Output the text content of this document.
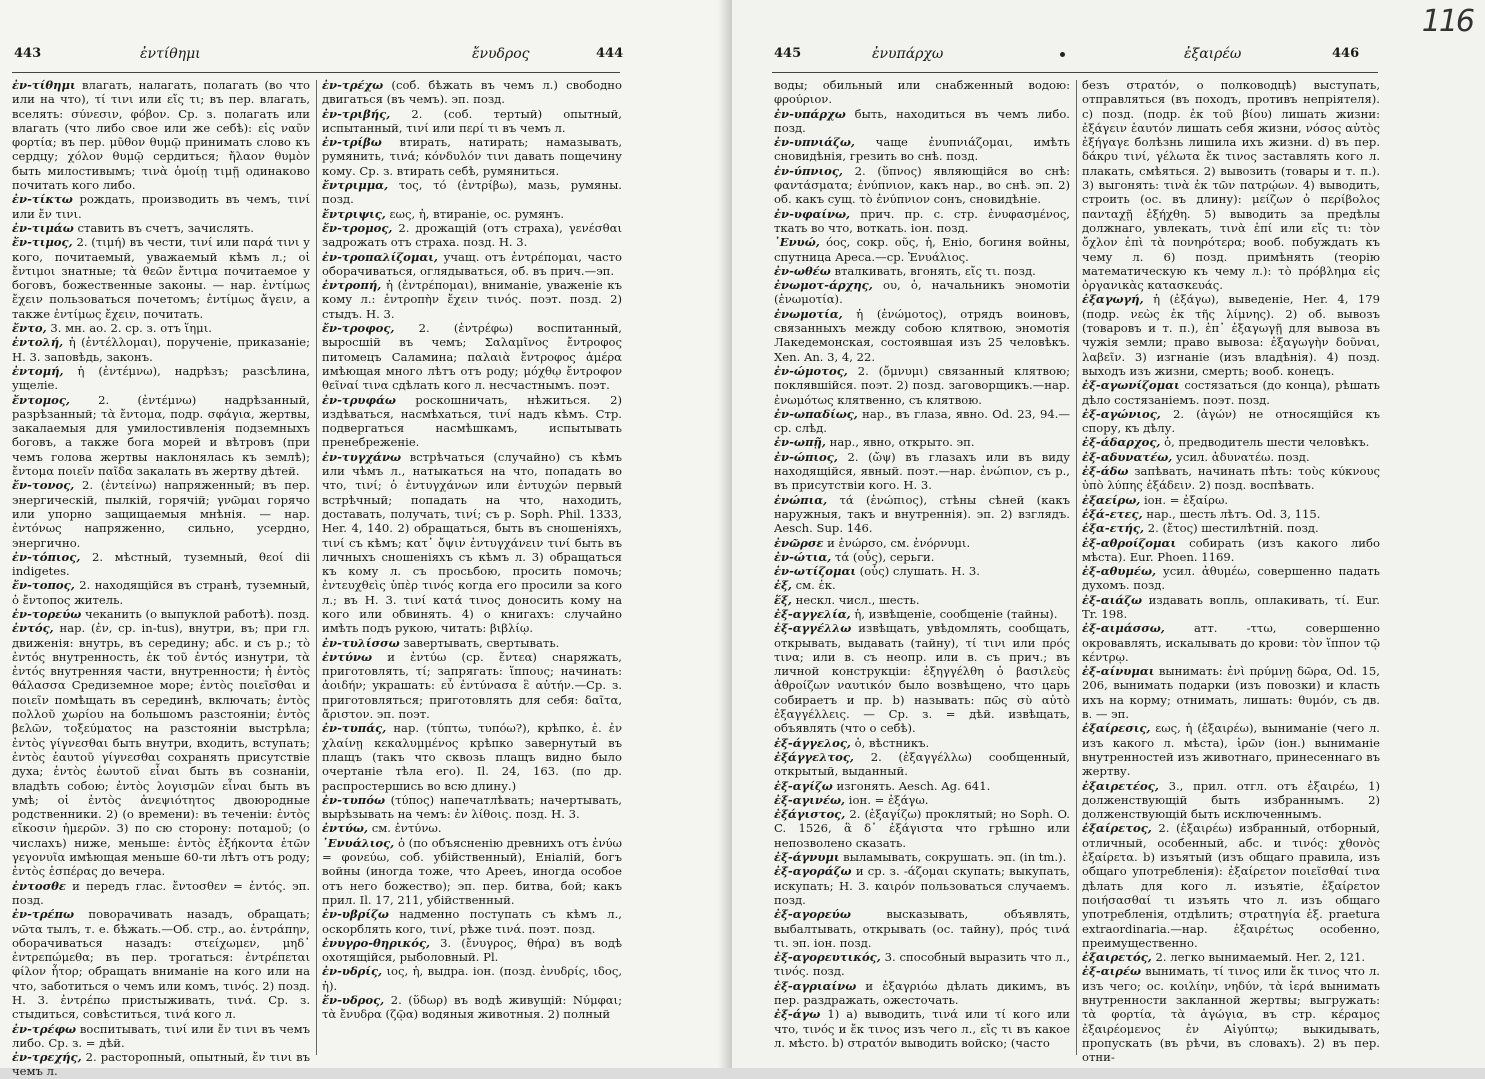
443	ἐντίθημι	ἔνυδρος	444

ἐν-τίθημι влагать, налагать, полагать (во что или на что), τί τινι или εἴς τι; въ пер. влагать, вселять: σύνεσιν, φόβον. Ср. з. полагать или влагать (что либо свое или же себѣ): εἰς ναῦν φορτία; въ пер. μῦθον θυμῷ принимать слово къ сердцу; χόλον θυμῷ сердиться; ἤλαον θυμὸν быть милостивымъ; τινὰ ὁμοίῃ τιμῇ одинаково почитать кого либо.

ἐν-τίκτω рождать, производить въ чемъ, τινί или ἔν τινι.

ἐν-τιμάω ставить въ счетъ, зачислять.

ἔν-τιμος, 2. (τιμή) въ чести, τινί или παρά τινι у кого, почитаемый, уважаемый кѣмъ л.; οἱ ἔντιμοι знатные; τὰ θεῶν ἔντιμα почитаемое у боговъ, божественные законы. — нар. ἐντίμως ἔχειν пользоваться почетомъ; ἐντίμως ἄγειν, а также ἐντίμως ἔχειν, почитать.

ἔντο, 3. мн. ао. 2. ср. з. отъ ἵημι.

ἐντολή, ἡ (ἐντέλλομαι), порученіе, приказаніе; Н. 3. заповѣдь, законъ.

ἐντομή, ἡ (ἐντέμνω), надрѣзъ; разсѣлина, ущеліе.

ἔντομος, 2. (ἐντέμνω) надрѣзанный, разрѣзанный; τὰ ἔντομα, подр. σφάγια, жертвы, закалаемыя для умилостивленія подземныхъ боговъ, а также бога морей и вѣтровъ (при чемъ голова жертвы наклонялась къ землѣ); ἔντομα ποιεῖν παῖδα закалать въ жертву дѣтей.

ἔν-τονος, 2. (ἐντείνω) напряженный; въ пер. энергическій, пылкій, горячій; γνῶμαι горячо или упорно защищаемыя мнѣнія. — нар. ἐντόνως напряженно, сильно, усердно, энергично.

ἐν-τόπιος, 2. мѣстный, туземный, θεοί dii indigetes.

ἔν-τοπος, 2. находящійся въ странѣ, туземный, ὁ ἔντοπος житель.

ἐν-τορεύω чеканить (о выпуклой работѣ). позд.

ἐντός, нар. (ἐν, ср. in-tus), внутри, въ; при гл. движенія: внутрь, въ середину; абс. и съ р.; τὸ ἐντός внутренность, ἐκ τοῦ ἐντός изнутри, τὰ ἐντός внутренняя части, внутренности; ἡ ἐντὸς θάλασσα Средиземное море; ἐντὸς ποιεῖσθαι и ποιεῖν помѣщать въ серединѣ, включать; ἐντὸς πολλοῦ χωρίου на большомъ разстояніи; ἐντὸς βελῶν, τοξεύματος на разстояніи выстрѣла; ἐντὸς γίγνεσθαι быть внутри, входить, вступать; ἐντὸς ἑαυτοῦ γίγνεσθαι сохранять присутствіе духа; ἐντὸς ἑωυτοῦ εἶναι быть въ сознаніи, владѣть собою; ἐντὸς λογισμῶν εἶναι быть въ умѣ; οἱ ἐντὸς ἀνεψιότητος двоюродные родственники. 2) (о времени): въ теченіи: ἐντὸς εἴκοσιν ἡμερῶν. 3) по сю сторону: ποταμοῦ; (о числахъ) ниже, меньше: ἐντὸς ἑξήκοντα ἐτῶν γεγονυῖα имѣющая меньше 60-ти лѣтъ отъ роду; ἐντὸς ἑσπέρας до вечера.

ἐντοσθε и передъ глас. ἔντοσθεν = ἐντός. эп. позд.

ἐν-τρέπω поворачивать назадъ, обращать; νῶτα тылъ, т. е. бѣжать.—Об. стр., ао. ἐντράπην, оборачиваться назадъ: στείχωμεν, μηδ᾽ ἐντρεπώμεθα; въ пер. трогаться: ἐντρέπεται φίλον ἦτορ; обращать вниманіе на кого или на что, заботиться о чемъ или комъ, τινός. 2) позд. Н. 3. ἐντρέπω пристыживать, τινά. Ср. з. стыдиться, совѣститься, τινά кого л.

ἐν-τρέφω воспитывать, τινί или ἔν τινι въ чемъ либо. Ср. з. = дѣй.

ἐν-τρεχής, 2. расторопный, опытный, ἔν τινι въ чемъ л.

ἐν-τρέχω (соб. бѣжать въ чемъ л.) свободно двигаться (въ чемъ). эп. позд.

ἐν-τριβής, 2. (соб. тертый) опытный, испытанный, τινί или περί τι въ чемъ л.

ἐν-τρίβω втирать, натирать; намазывать, румянить, τινά; κόνδυλόν τινι давать пощечину кому. Ср. з. втирать себѣ, румяниться.

ἔντριμμα, τος, τό (ἐντρίβω), мазь, румяны. позд.

ἔντριψις, εως, ἡ, втираніе, ос. румянъ.

ἔν-τρομος, 2. дрожащій (отъ страха), γενέσθαι задрожать отъ страха. позд. Н. 3.

ἐν-τροπαλίζομαι, учащ. отъ ἐντρέπομαι, часто оборачиваться, оглядываться, об. въ прич.—эп.

ἐντροπή, ἡ (ἐντρέπομαι), вниманіе, уваженіе къ кому л.: ἐντροπὴν ἔχειν τινός. поэт. позд. 2) стыдъ. Н. 3.

ἔν-τροφος, 2. (ἐντρέφω) воспитанный, выросшій въ чемъ; Σαλαμῖνος ἔντροφος питомецъ Саламина; παλαιὰ ἔντροφος ἀμέρα имѣющая много лѣтъ отъ роду; μόχθῳ ἔντροφον θεῖναί τινα сдѣлать кого л. несчастнымъ. поэт.

ἐν-τρυφάω роскошничать, нѣжиться. 2) издѣваться, насмѣхаться, τινί надъ кѣмъ. Стр. подвергаться насмѣшкамъ, испытывать пренебреженіе.

ἐν-τυγχάνω встрѣчаться (случайно) съ кѣмъ или чѣмъ л., натыкаться на что, попадать во что, τινί; ὁ ἐντυγχάνων или ἐντυχών первый встрѣчный; попадать на что, находить, доставать, получать, τινί; съ р. Soph. Phil. 1333, Her. 4, 140. 2) обращаться, быть въ сношеніяхъ, τινί съ кѣмъ; κατ᾽ ὄψιν ἐντυγχάνειν τινί быть въ личныхъ сношеніяхъ съ кѣмъ л. 3) обращаться къ кому л. съ просьбою, просить помочь; ἐντευχθεὶς ὑπὲρ τινός когда его просили за кого л.; въ Н. 3. τινί κατά τινος доносить кому на кого или обвинять. 4) о книгахъ: случайно имѣть подъ рукою, читать: βιβλίῳ.

ἐν-τυλίσσω завертывать, свертывать.

ἐντύνω и ἐντύω (ср. ἔντεα) снаряжать, приготовлять, τί; запрягать: ἵππους; начинать: ἀοιδήν; украшать: εὖ ἐντύνασα ἓ αὐτήν.—Ср. з. приготовляться; приготовлять для себя: δαῖτα, ἄριστον. эп. поэт.

ἐν-τυπάς, нар. (τύπτω, τυπόω?), крѣпко, ἐ. ἐν χλαίνῃ κεκαλυμμένος крѣпко завернутый въ плащъ (такъ что сквозь плащъ видно было очертаніе тѣла его). Il. 24, 163. (по др. распростершись во всю длину.)

ἐν-τυπόω (τύπος) напечатлѣвать; начертывать, вырѣзывать на чемъ: ἐν λίθοις. позд. Н. 3.

ἐντύω, см. ἐντύνω.

᾿Ενυάλιος, ὁ (по объясненію древнихъ отъ ἐνύω = φονεύω, соб. убійственный), Еніалій, богъ войны (иногда тоже, что Арееъ, иногда особое отъ него божество); эп. пер. битва, бой; какъ прил. Il. 17, 211, убійственный.

ἐν-υβρίζω надменно поступать съ кѣмъ л., оскорблять кого, τινί, рѣже τινά. поэт. позд.

ἐνυγρο-θηρικός, 3. (ἔνυγρος, θήρα) въ водѣ охотящійся, рыболовный. Pl.

ἐν-υδρίς, ιος, ἡ, выдра. іон. (позд. ἐνυδρίς, ιδος, ἡ).

ἔν-υδρος, 2. (ὕδωρ) въ водѣ живущій: Νύμφαι; τὰ ἔνυδρα (ζῷα) водяныя животныя. 2) полный

445	ἐνυπάρχω	ἐξαιρέω	446

воды; обильный или снабженный водою: φρούριον.

ἐν-υπάρχω быть, находиться въ чемъ либо. позд.

ἐν-υπνιάζω, чаще ἐνυπνιάζομαι, имѣть сновидѣнія, грезить во снѣ. позд.

ἐν-ύπνιος, 2. (ὕπνος) являющійся во снѣ: φαντάσματα; ἐνύπνιον, какъ нар., во снѣ. эп. 2) об. какъ сущ. τὸ ἐνύπνιον сонъ, сновидѣніе.

ἐν-υφαίνω, прич. пр. с. стр. ἐνυφασμένος, ткать во что, воткать. іон. позд.

᾿Ενυώ, όος, сокр. οῦς, ἡ, Еніо, богиня войны, спутница Ареса.—ср. Ἐνυάλιος.

ἐν-ωθέω вталкивать, вгонять, εἴς τι. позд.

ἐνωμοτ-άρχης, ου, ὁ, начальникъ эномотіи (ἐνωμοτία).

ἐνωμοτία, ἡ (ἐνώμοτος), отрядъ воиновъ, связанныхъ между собою клятвою, эномотія Лакедемонская, состоявшая изъ 25 человѣкъ. Xen. An. 3, 4, 22.

ἐν-ώμοτος, 2. (ὄμνυμι) связанный клятвою; поклявшійся. поэт. 2) позд. заговорщикъ.—нар. ἐνωμότως клятвенно, съ клятвою.

ἐν-ωπαδίως, нар., въ глаза, явно. Od. 23, 94.— ср. слѣд.

ἐν-ωπῇ, нар., явно, открыто. эп.

ἐν-ώπιος, 2. (ὤψ) въ глазахъ или въ виду находящійся, явный. поэт.—нар. ἐνώπιον, съ р., въ присутствіи кого. Н. 3.

ἐνώπια, τά (ἐνώπιος), стѣны сѣней (какъ наружныя, такъ и внутреннія). эп. 2) взглядъ. Aesch. Sup. 146.

ἐνῶρσε и ἐνώρσο, см. ἐνόρνυμι.

ἐν-ώτια, τά (οὖς), серьги.

ἐν-ωτίζομαι (οὖς) слушать. Н. 3.

ἐξ, см. ἐκ.

ἕξ, нескл. числ., шесть.

ἐξ-αγγελία, ἡ, извѣщеніе, сообщеніе (тайны).

ἐξ-αγγέλλω извѣщать, увѣдомлять, сообщать, открывать, выдавать (тайну), τί τινι или πρός τινα; или в. съ неопр. или в. съ прич.; въ личной конструкціи: ἐξηγγέλθη ὁ βασιλεὺς ἀθροίζων ναυτικόν было возвѣщено, что царь собираетъ и пр. b) называть: πῶς σὺ αὐτὸ ἐξαγγέλλεις. — Ср. з. = дѣй. извѣщать, объявлять (что о себѣ).

ἐξ-άγγελος, ὁ, вѣстникъ.

ἐξάγγελτος, 2. (ἐξαγγέλλω) сообщенный, открытый, выданный.

ἐξ-αγίζω изгонять. Aesch. Ag. 641.

ἐξ-αγινέω, іон. = ἐξάγω.

ἐξάγιστος, 2. (ἐξαγίζω) проклятый; но Soph. O. C. 1526, ἃ δ᾽ ἐξάγιστα что грѣшно или непозволено сказать.

ἐξ-άγνυμι выламывать, сокрушать. эп. (in tm.).

ἐξ-αγοράζω и ср. з. -άζομαι скупать; выкупать, искупать; Н. 3. καιρόν пользоваться случаемъ. позд.

ἐξ-αγορεύω высказывать, объявлять, выбалтывать, открывать (ос. тайну), πρός τινά τι. эп. іон. позд.

ἐξ-αγορευτικός, 3. способный выразить что л., τινός. позд.

ἐξ-αγριαίνω и ἐξαγριόω дѣлать дикимъ, въ пер. раздражать, ожесточать.

ἐξ-άγω 1) a) выводить, τινά или τί кого или что, τινός и ἔκ τινος изъ чего л., εἴς τι въ какое л. мѣсто. b) στρατόν выводить войско; (часто

безъ στρατόν, о полководцѣ) выступать, отправляться (въ походъ, противъ непріятеля). c) позд. (подр. ἐκ τοῦ βίου) лишать жизни: ἐξάγειν ἑαυτόν лишать себя жизни, νόσος αὐτὸς ἐξήγαγε болѣзнь лишила ихъ жизни. d) въ пер. δάκρυ τινί, γέλωτα ἔκ τινος заставлять кого л. плакать, смѣяться. 2) вывозить (товары и т. п.). 3) выгонять: τινὰ ἐκ τῶν πατρῴων. 4) выводить, строить (ос. въ длину): μείζων ὁ περίβολος πανταχῇ ἐξήχθη. 5) выводить за предѣлы должнаго, увлекать, τινὰ ἐπί или εἴς τι: τὸν ὄχλον ἐπὶ τὰ πονηρότερα; вооб. побуждать къ чему л. 6) позд. примѣнять (теорію математическую къ чему л.): τὸ πρόβλημα εἰς ὀργανικὰς κατασκευάς.

ἐξαγωγή, ἡ (ἐξάγω), выведеніе, Her. 4, 179 (подр. νεὼς ἐκ τῆς λίμνης). 2) об. вывозъ (товаровъ и т. п.), ἐπ᾽ ἐξαγωγῇ для вывоза въ чужія земли; право вывоза: ἐξαγωγὴν δοῦναι, λαβεῖν. 3) изгнаніе (изъ владѣнія). 4) позд. выходъ изъ жизни, смерть; вооб. конецъ.

ἐξ-αγωνίζομαι состязаться (до конца), рѣшать дѣло состязаніемъ. поэт. позд.

ἐξ-αγώνιος, 2. (ἀγών) не относящійся къ спору, къ дѣлу.

ἐξ-άδαρχος, ὁ, предводитель шести человѣкъ.

ἐξ-αδυνατέω, усил. ἀδυνατέω. позд.

ἐξ-άδω запѣвать, начинать пѣть: τοὺς κύκνους ὑπὸ λύπης ἐξάδειν. 2) позд. воспѣвать.

ἐξαείρω, іон. = ἐξαίρω.

ἑξά-ετες, нар., шесть лѣтъ. Od. 3, 115.

ἑξα-ετής, 2. (ἔτος) шестилѣтній. позд.

ἐξ-αθροίζομαι собирать (изъ какого либо мѣста). Eur. Phoen. 1169.

ἐξ-αθυμέω, усил. ἀθυμέω, совершенно падать духомъ. позд.

ἐξ-αιάζω издавать вопль, оплакивать, τί. Eur. Tr. 198.

ἐξ-αιμάσσω, атт. -ττω, совершенно окровавлять, искалывать до крови: τὸν ἵππον τῷ κέντρῳ.

ἐξ-αίνυμαι вынимать: ἐνὶ πρύμνῃ δῶρα, Od. 15, 206, вынимать подарки (изъ повозки) и класть ихъ на корму; отнимать, лишать: θυμόν, съ дв. в. — эп.

ἐξαίρεσις, εως, ἡ (ἐξαιρέω), выниманіе (чего л. изъ какого л. мѣста), ἱρῶν (іон.) выниманіе внутренностей изъ животнаго, принесеннаго въ жертву.

ἐξαιρετέος, 3., прил. отгл. отъ ἐξαιρέω, 1) долженствующій быть избраннымъ. 2) долженствующій быть исключеннымъ.

ἐξαίρετος, 2. (ἐξαιρέω) избранный, отборный, отличный, особенный, абс. и τινός: χθονὸς ἐξαίρετα. b) изъятый (изъ общаго правила, изъ общаго употребленія): ἐξαίρετον ποιεῖσθαί τινα дѣлать для кого л. изъятіе, ἐξαίρετον ποιήσασθαί τι изъять что л. изъ общаго употребленія, отдѣлить; στρατηγία ἐξ. praetura extraordinaria.—нар. ἐξαιρέτως особенно, преимущественно.

ἐξαιρετός, 2. легко вынимаемый. Her. 2, 121.

ἐξ-αιρέω вынимать, τί τινος или ἔκ τινος что л. изъ чего; ос. κοιλίην, νηδύν, τὰ ἱερά вынимать внутренности закланной жертвы; выгружать: τὰ φορτία, τὰ ἀγώγια, въ стр. κέραμος ἐξαιρέομενος ἐν Αἰγύπτῳ; выкидывать, пропускать (въ рѣчи, въ словахъ). 2) въ пер. отни-

116
